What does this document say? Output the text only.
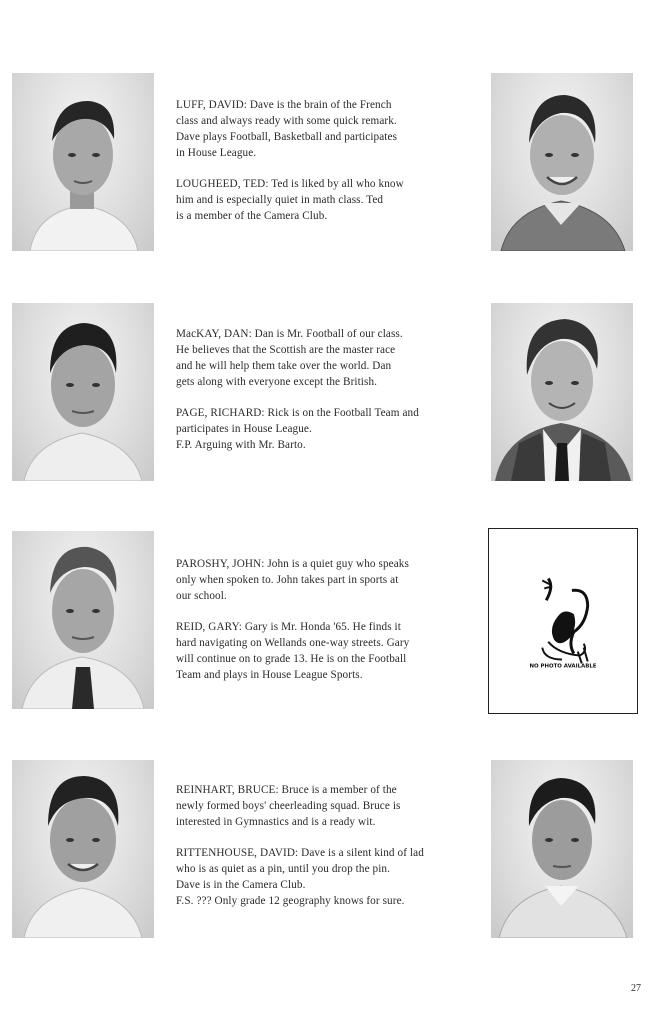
LUFF, DAVID: Dave is the brain of the French
class and always ready with some quick remark.
Dave plays Football, Basketball and participates
in House League.

LOUGHEED, TED: Ted is liked by all who know
him and is especially quiet in math class. Ted
is a member of the Camera Club.

MacKAY, DAN: Dan is Mr. Football of our class.
He believes that the Scottish are the master race
and he will help them take over the world. Dan
gets along with everyone except the British.

PAGE, RICHARD: Rick is on the Football Team and
participates in House League.
F.P. Arguing with Mr. Barto.

PAROSHY, JOHN: John is a quiet guy who speaks
only when spoken to. John takes part in sports at
our school.

REID, GARY: Gary is Mr. Honda '65. He finds it
hard navigating on Wellands one-way streets. Gary
will continue on to grade 13. He is on the Football
Team and plays in House League Sports.

NO PHOTO AVAILABLE

REINHART, BRUCE: Bruce is a member of the
newly formed boys' cheerleading squad. Bruce is
interested in Gymnastics and is a ready wit.

RITTENHOUSE, DAVID: Dave is a silent kind of lad
who is as quiet as a pin, until you drop the pin.
Dave is in the Camera Club.
F.S. ??? Only grade 12 geography knows for sure.

27
